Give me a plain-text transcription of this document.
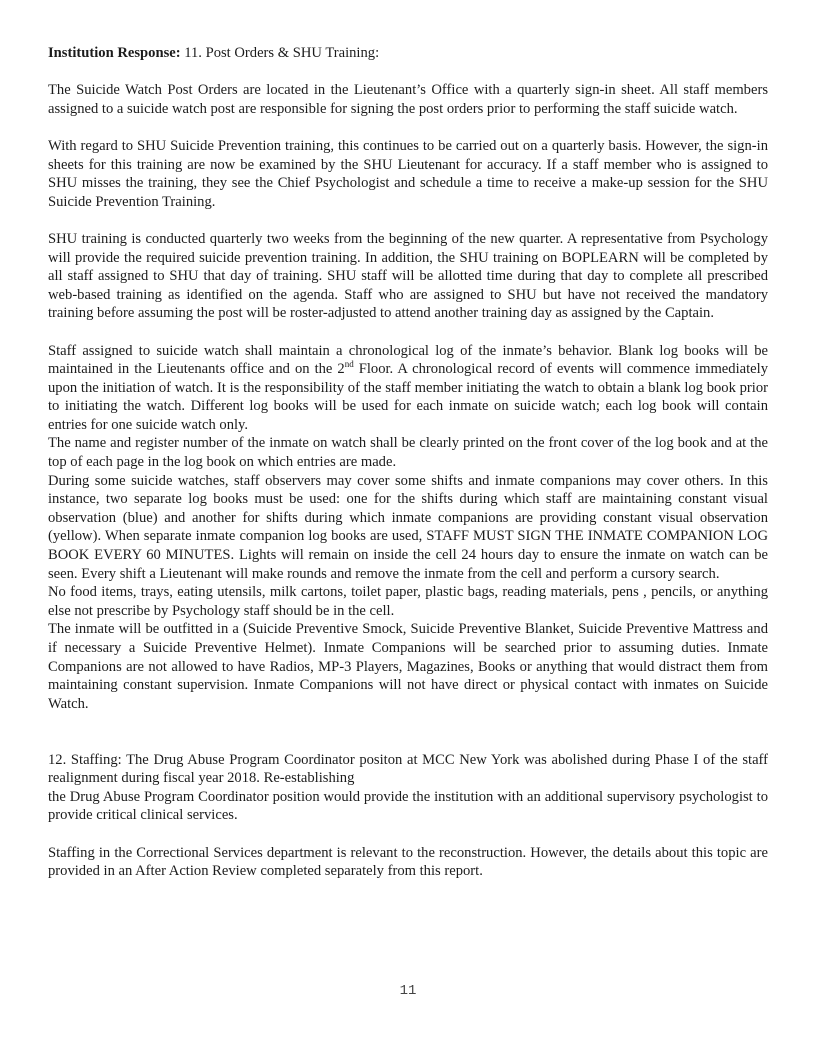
Institution Response: 11. Post Orders & SHU Training:

The Suicide Watch Post Orders are located in the Lieutenant’s Office with a quarterly sign-in sheet. All staff members assigned to a suicide watch post are responsible for signing the post orders prior to performing the staff suicide watch.

With regard to SHU Suicide Prevention training, this continues to be carried out on a quarterly basis. However, the sign-in sheets for this training are now be examined by the SHU Lieutenant for accuracy. If a staff member who is assigned to SHU misses the training, they see the Chief Psychologist and schedule a time to receive a make-up session for the SHU Suicide Prevention Training.

SHU training is conducted quarterly two weeks from the beginning of the new quarter. A representative from Psychology will provide the required suicide prevention training. In addition, the SHU training on BOPLEARN will be completed by all staff assigned to SHU that day of training. SHU staff will be allotted time during that day to complete all prescribed web-based training as identified on the agenda. Staff who are assigned to SHU but have not received the mandatory training before assuming the post will be roster-adjusted to attend another training day as assigned by the Captain.

Staff assigned to suicide watch shall maintain a chronological log of the inmate’s behavior. Blank log books will be maintained in the Lieutenants office and on the 2nd Floor. A chronological record of events will commence immediately upon the initiation of watch. It is the responsibility of the staff member initiating the watch to obtain a blank log book prior to initiating the watch. Different log books will be used for each inmate on suicide watch; each log book will contain entries for one suicide watch only.

The name and register number of the inmate on watch shall be clearly printed on the front cover of the log book and at the top of each page in the log book on which entries are made.

During some suicide watches, staff observers may cover some shifts and inmate companions may cover others. In this instance, two separate log books must be used: one for the shifts during which staff are maintaining constant visual observation (blue) and another for shifts during which inmate companions are providing constant visual observation (yellow). When separate inmate companion log books are used, STAFF MUST SIGN THE INMATE COMPANION LOG BOOK EVERY 60 MINUTES. Lights will remain on inside the cell 24 hours day to ensure the inmate on watch can be seen. Every shift a Lieutenant will make rounds and remove the inmate from the cell and perform a cursory search.

No food items, trays, eating utensils, milk cartons, toilet paper, plastic bags, reading materials, pens , pencils, or anything else not prescribe by Psychology staff should be in the cell.

The inmate will be outfitted in a (Suicide Preventive Smock, Suicide Preventive Blanket, Suicide Preventive Mattress and if necessary a Suicide Preventive Helmet). Inmate Companions will be searched prior to assuming duties. Inmate Companions are not allowed to have Radios, MP-3 Players, Magazines, Books or anything that would distract them from maintaining constant supervision. Inmate Companions will not have direct or physical contact with inmates on Suicide Watch.

12. Staffing: The Drug Abuse Program Coordinator positon at MCC New York was abolished during Phase I of the staff realignment during fiscal year 2018. Re-establishing

the Drug Abuse Program Coordinator position would provide the institution with an additional supervisory psychologist to provide critical clinical services.

Staffing in the Correctional Services department is relevant to the reconstruction. However, the details about this topic are provided in an After Action Review completed separately from this report.

11
